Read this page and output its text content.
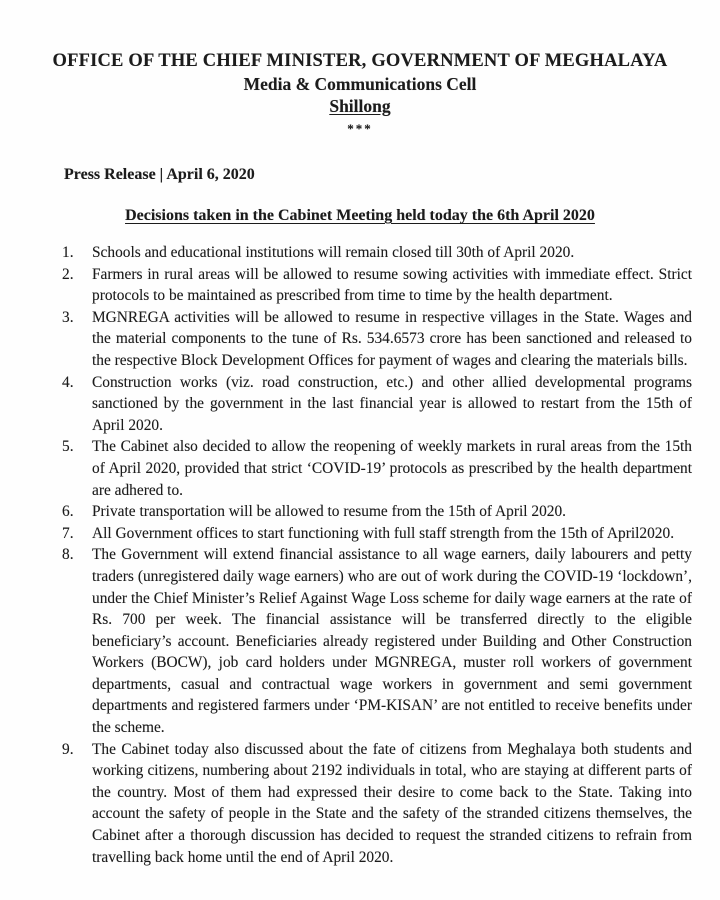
OFFICE OF THE CHIEF MINISTER, GOVERNMENT OF MEGHALAYA
Media & Communications Cell
Shillong
***
Press Release | April 6, 2020
Decisions taken in the Cabinet Meeting held today the 6th April 2020
1.	Schools and educational institutions will remain closed till 30th of April 2020.
2.	Farmers in rural areas will be allowed to resume sowing activities with immediate effect. Strict protocols to be maintained as prescribed from time to time by the health department.
3.	MGNREGA activities will be allowed to resume in respective villages in the State. Wages and the material components to the tune of Rs. 534.6573 crore has been sanctioned and released to the respective Block Development Offices for payment of wages and clearing the materials bills.
4.	Construction works (viz. road construction, etc.) and other allied developmental programs sanctioned by the government in the last financial year is allowed to restart from the 15th of April 2020.
5.	The Cabinet also decided to allow the reopening of weekly markets in rural areas from the 15th of April 2020, provided that strict ‘COVID-19’ protocols as prescribed by the health department are adhered to.
6.	Private transportation will be allowed to resume from the 15th of April 2020.
7.	All Government offices to start functioning with full staff strength from the 15th of April2020.
8.	The Government will extend financial assistance to all wage earners, daily labourers and petty traders (unregistered daily wage earners) who are out of work during the COVID-19 ‘lockdown’, under the Chief Minister’s Relief Against Wage Loss scheme for daily wage earners at the rate of Rs. 700 per week. The financial assistance will be transferred directly to the eligible beneficiary’s account. Beneficiaries already registered under Building and Other Construction Workers (BOCW), job card holders under MGNREGA, muster roll workers of government departments, casual and contractual wage workers in government and semi government departments and registered farmers under ‘PM-KISAN’ are not entitled to receive benefits under the scheme.
9.	The Cabinet today also discussed about the fate of citizens from Meghalaya both students and working citizens, numbering about 2192 individuals in total, who are staying at different parts of the country. Most of them had expressed their desire to come back to the State. Taking into account the safety of people in the State and the safety of the stranded citizens themselves, the Cabinet after a thorough discussion has decided to request the stranded citizens to refrain from travelling back home until the end of April 2020.
